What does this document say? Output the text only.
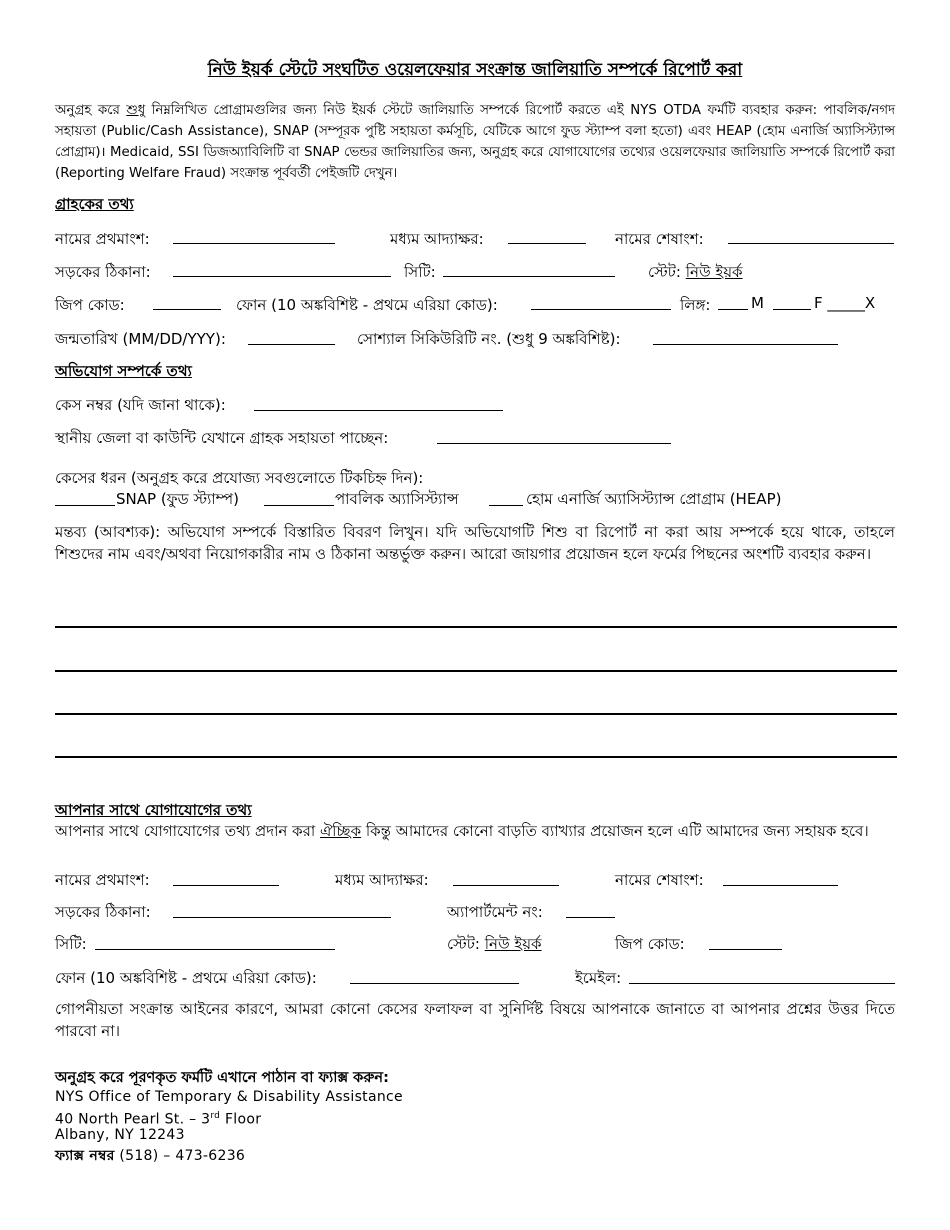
নিউ ইয়র্ক স্টেটে সংঘটিত ওয়েলফেয়ার সংক্রান্ত জালিয়াতি সম্পর্কে রিপোর্ট করা
অনুগ্রহ করে শুধু নিম্নলিখিত প্রোগ্রামগুলির জন্য নিউ ইয়র্ক স্টেটে জালিয়াতি সম্পর্কে রিপোর্ট করতে এই NYS OTDA ফর্মটি ব্যবহার করুন: পাবলিক/নগদ সহায়তা (Public/Cash Assistance), SNAP (সম্পূরক পুষ্টি সহায়তা কর্মসূচি, যেটিকে আগে ফুড স্ট্যাম্প বলা হতো) এবং HEAP (হোম এনার্জি অ্যাসিস্ট্যান্স প্রোগ্রাম)। Medicaid, SSI ডিজঅ্যাবিলিটি বা SNAP ভেন্ডর জালিয়াতির জন্য, অনুগ্রহ করে যোগাযোগের তথ্যের ওয়েলফেয়ার জালিয়াতি সম্পর্কে রিপোর্ট করা (Reporting Welfare Fraud) সংক্রান্ত পূর্ববর্তী পেইজটি দেখুন।
গ্রাহকের তথ্য
নামের প্রথমাংশ:	মধ্যম আদ্যাক্ষর:	নামের শেষাংশ:
সড়কের ঠিকানা:	সিটি:	স্টেট: নিউ ইয়র্ক
জিপ কোড:	ফোন (10 অঙ্কবিশিষ্ট - প্রথমে এরিয়া কোড):	লিঙ্গ:	M	F _____X
জন্মতারিখ (MM/DD/YYY):	সোশ্যাল সিকিউরিটি নং. (শুধু 9 অঙ্কবিশিষ্ট):
অভিযোগ সম্পর্কে তথ্য
কেস নম্বর (যদি জানা থাকে):
স্থানীয় জেলা বা কাউন্টি যেখানে গ্রাহক সহায়তা পাচ্ছেন:
কেসের ধরন (অনুগ্রহ করে প্রযোজ্য সবগুলোতে টিকচিহ্ন দিন):
SNAP (ফুড স্ট্যাম্প)	পাবলিক অ্যাসিস্ট্যান্স	হোম এনার্জি অ্যাসিস্ট্যান্স প্রোগ্রাম (HEAP)
মন্তব্য (আবশ্যক): অভিযোগ সম্পর্কে বিস্তারিত বিবরণ লিখুন। যদি অভিযোগটি শিশু বা রিপোর্ট না করা আয় সম্পর্কে হয়ে থাকে, তাহলে শিশুদের নাম এবং/অথবা নিয়োগকারীর নাম ও ঠিকানা অন্তর্ভুক্ত করুন। আরো জায়গার প্রয়োজন হলে ফর্মের পিছনের অংশটি ব্যবহার করুন।
আপনার সাথে যোগাযোগের তথ্য
আপনার সাথে যোগাযোগের তথ্য প্রদান করা ঐচ্ছিক কিন্তু আমাদের কোনো বাড়তি ব্যাখ্যার প্রয়োজন হলে এটি আমাদের জন্য সহায়ক হবে।
নামের প্রথমাংশ:	মধ্যম আদ্যাক্ষর:	নামের শেষাংশ:
সড়কের ঠিকানা:	অ্যাপার্টমেন্ট নং:
সিটি:	স্টেট: নিউ ইয়র্ক	জিপ কোড:
ফোন (10 অঙ্কবিশিষ্ট - প্রথমে এরিয়া কোড):	ইমেইল:
গোপনীয়তা সংক্রান্ত আইনের কারণে, আমরা কোনো কেসের ফলাফল বা সুনির্দিষ্ট বিষয়ে আপনাকে জানাতে বা আপনার প্রশ্নের উত্তর দিতে পারবো না।
অনুগ্রহ করে পূরণকৃত ফর্মটি এখানে পাঠান বা ফ্যাক্স করুন:
NYS Office of Temporary & Disability Assistance
40 North Pearl St. – 3rd Floor
Albany, NY 12243
ফ্যাক্স নম্বর (518) – 473-6236
